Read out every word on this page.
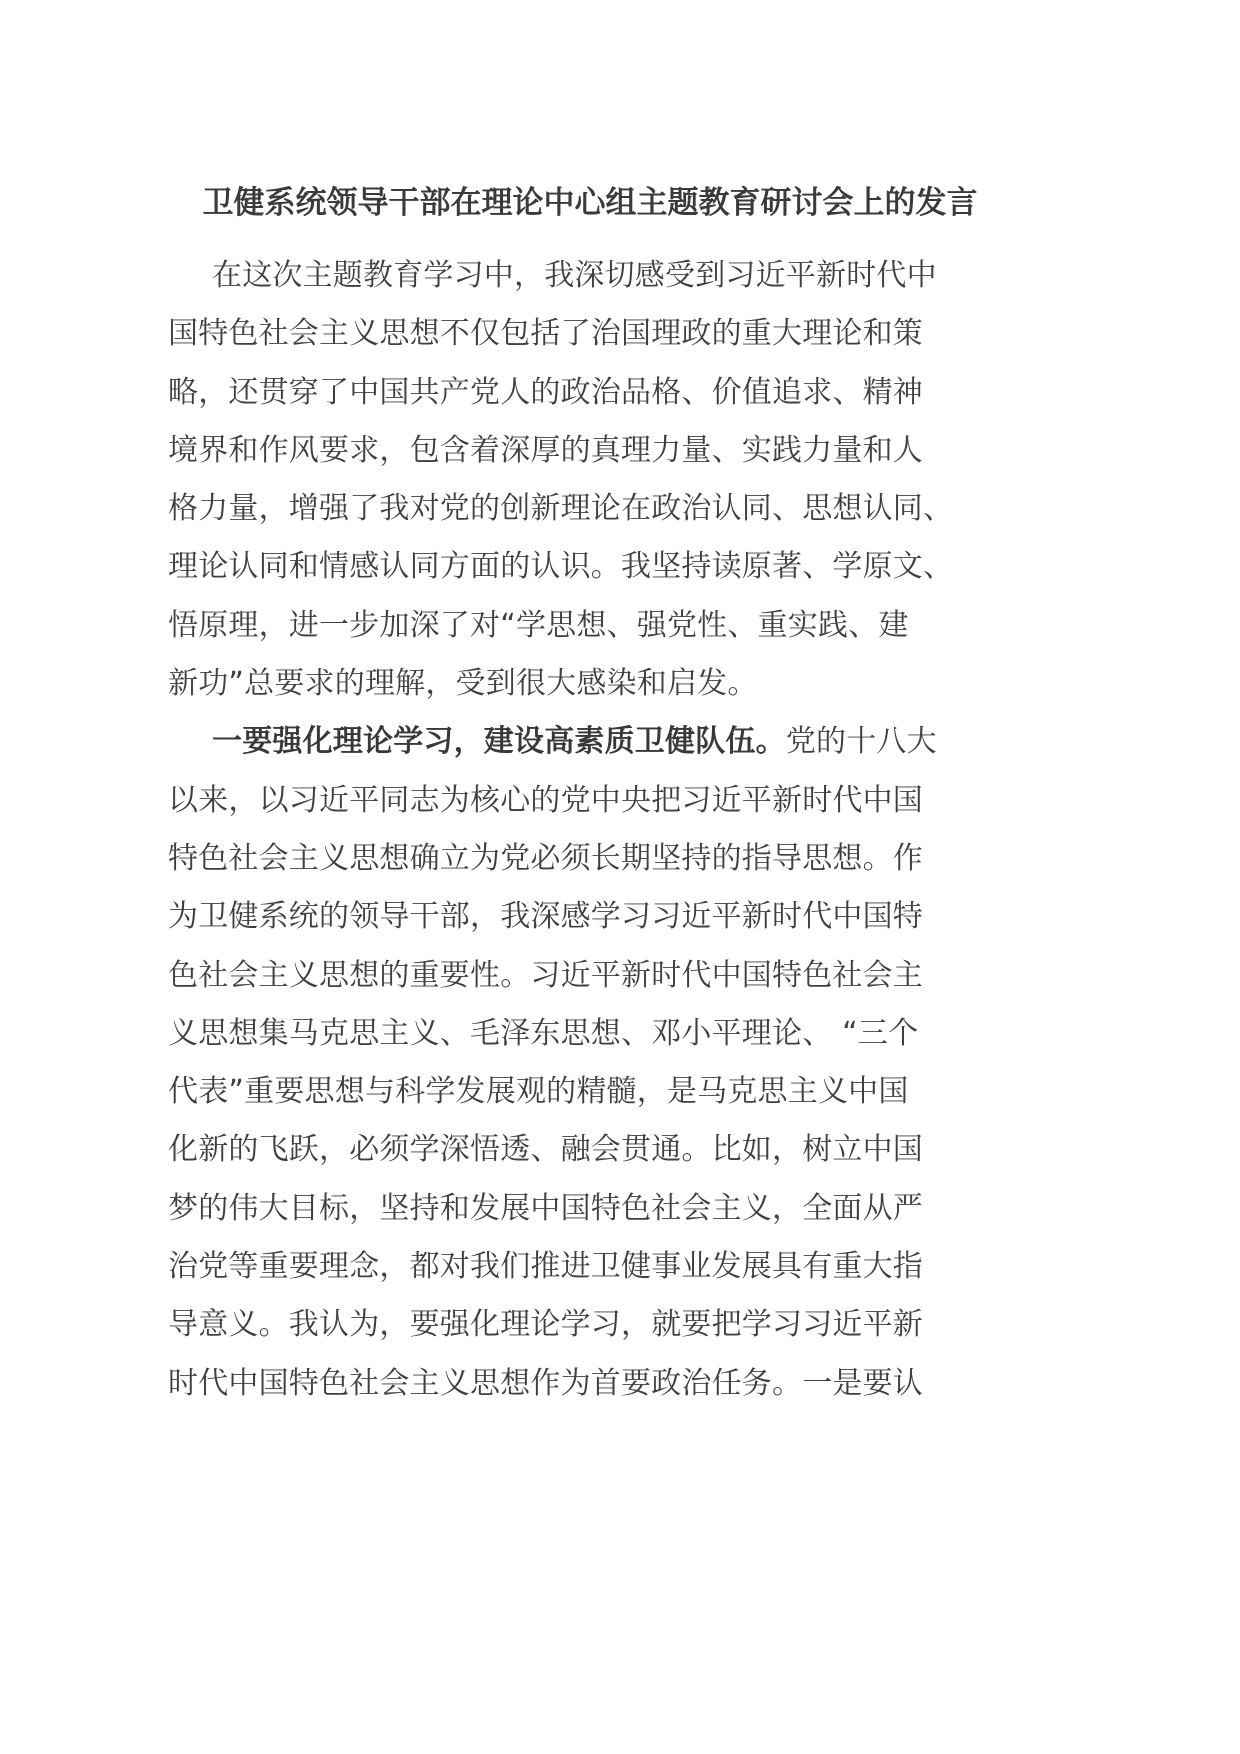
卫健系统领导干部在理论中心组主题教育研讨会上的发言
在这次主题教育学习中，我深切感受到习近平新时代中
国特色社会主义思想不仅包括了治国理政的重大理论和策
略，还贯穿了中国共产党人的政治品格、价值追求、精神
境界和作风要求，包含着深厚的真理力量、实践力量和人
格力量，增强了我对党的创新理论在政治认同、思想认同、
理论认同和情感认同方面的认识。我坚持读原著、学原文、
悟原理，进一步加深了对“学思想、强党性、重实践、建
新功”总要求的理解，受到很大感染和启发。
一要强化理论学习，建设高素质卫健队伍。党的十八大
以来，以习近平同志为核心的党中央把习近平新时代中国
特色社会主义思想确立为党必须长期坚持的指导思想。作
为卫健系统的领导干部，我深感学习习近平新时代中国特
色社会主义思想的重要性。习近平新时代中国特色社会主
义思想集马克思主义、毛泽东思想、邓小平理论、 “三个
代表”重要思想与科学发展观的精髓，是马克思主义中国
化新的飞跃，必须学深悟透、融会贯通。比如，树立中国
梦的伟大目标，坚持和发展中国特色社会主义，全面从严
治党等重要理念，都对我们推进卫健事业发展具有重大指
导意义。我认为，要强化理论学习，就要把学习习近平新
时代中国特色社会主义思想作为首要政治任务。一是要认
